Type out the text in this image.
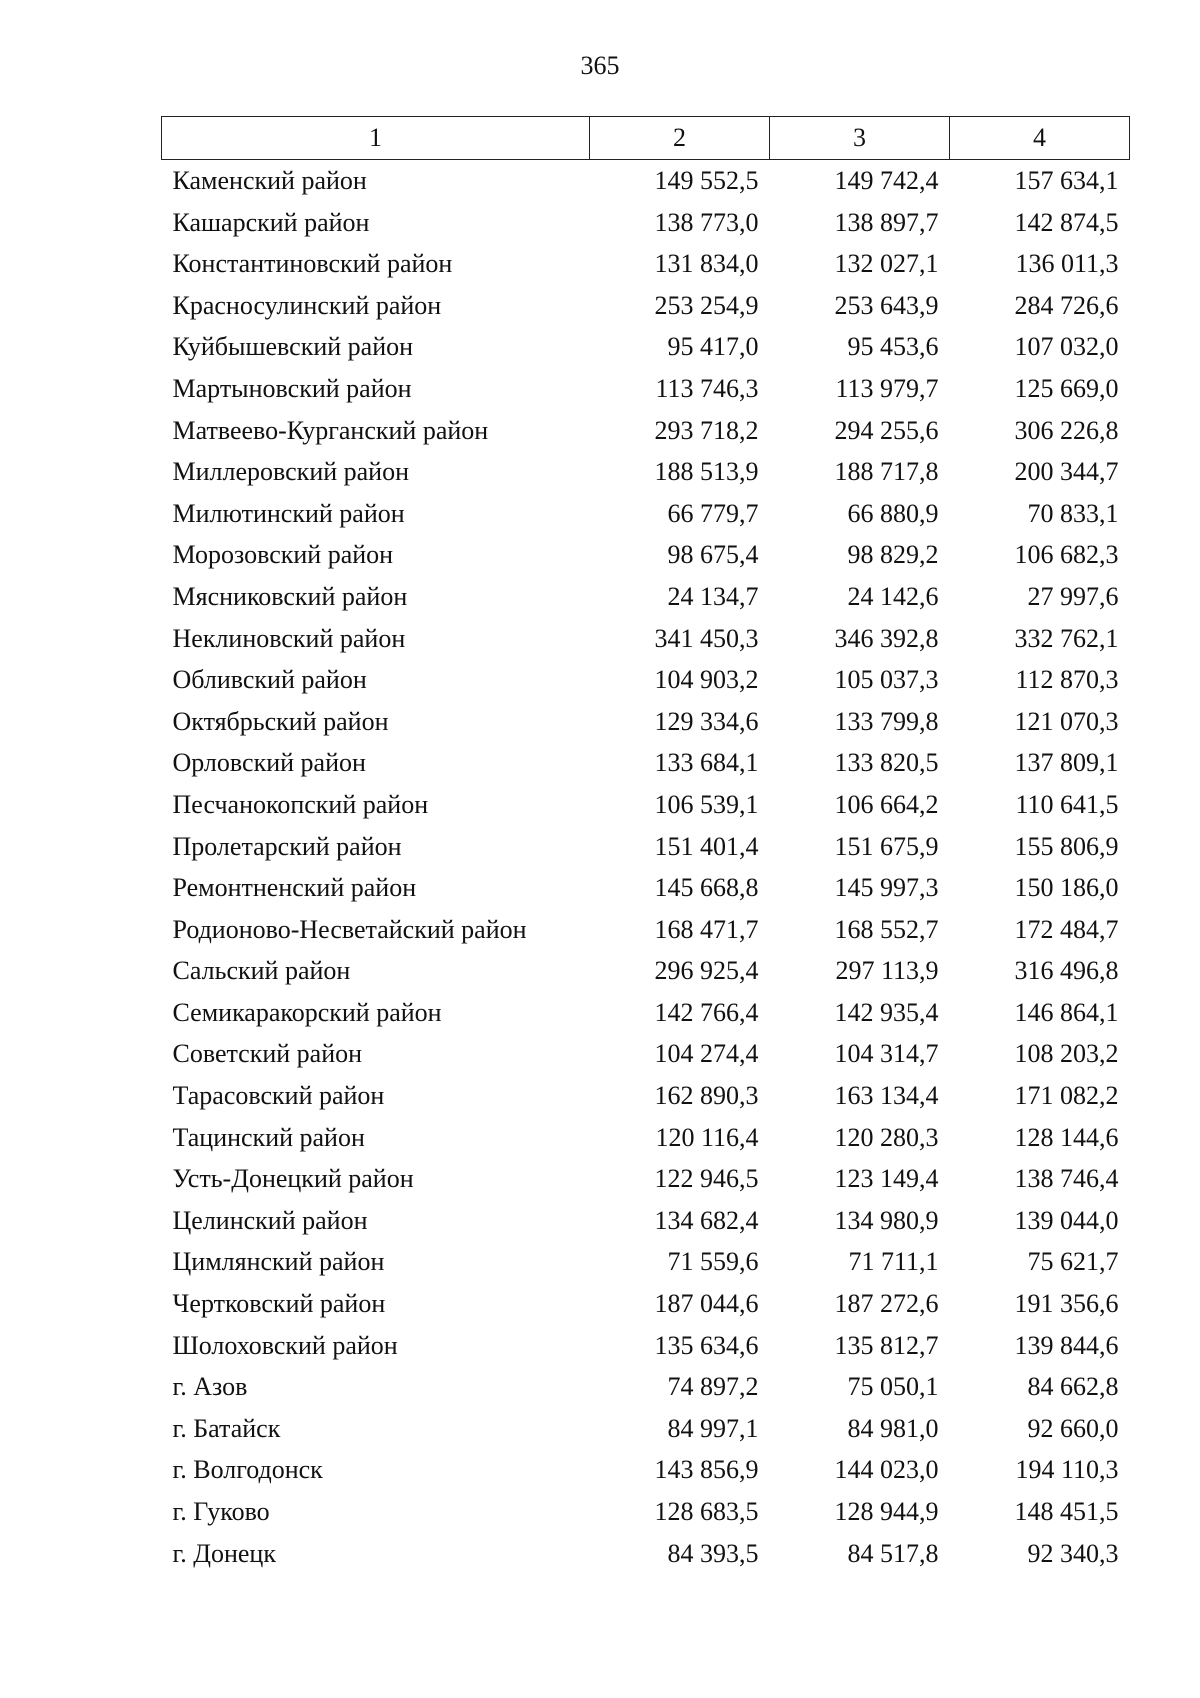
365
1	2	3	4
Каменский район	149 552,5	149 742,4	157 634,1
Кашарский район	138 773,0	138 897,7	142 874,5
Константиновский район	131 834,0	132 027,1	136 011,3
Красносулинский район	253 254,9	253 643,9	284 726,6
Куйбышевский район	95 417,0	95 453,6	107 032,0
Мартыновский район	113 746,3	113 979,7	125 669,0
Матвеево-Курганский район	293 718,2	294 255,6	306 226,8
Миллеровский район	188 513,9	188 717,8	200 344,7
Милютинский район	66 779,7	66 880,9	70 833,1
Морозовский район	98 675,4	98 829,2	106 682,3
Мясниковский район	24 134,7	24 142,6	27 997,6
Неклиновский район	341 450,3	346 392,8	332 762,1
Обливский район	104 903,2	105 037,3	112 870,3
Октябрьский район	129 334,6	133 799,8	121 070,3
Орловский район	133 684,1	133 820,5	137 809,1
Песчанокопский район	106 539,1	106 664,2	110 641,5
Пролетарский район	151 401,4	151 675,9	155 806,9
Ремонтненский район	145 668,8	145 997,3	150 186,0
Родионово-Несветайский район	168 471,7	168 552,7	172 484,7
Сальский район	296 925,4	297 113,9	316 496,8
Семикаракорский район	142 766,4	142 935,4	146 864,1
Советский район	104 274,4	104 314,7	108 203,2
Тарасовский район	162 890,3	163 134,4	171 082,2
Тацинский район	120 116,4	120 280,3	128 144,6
Усть-Донецкий район	122 946,5	123 149,4	138 746,4
Целинский район	134 682,4	134 980,9	139 044,0
Цимлянский район	71 559,6	71 711,1	75 621,7
Чертковский район	187 044,6	187 272,6	191 356,6
Шолоховский район	135 634,6	135 812,7	139 844,6
г. Азов	74 897,2	75 050,1	84 662,8
г. Батайск	84 997,1	84 981,0	92 660,0
г. Волгодонск	143 856,9	144 023,0	194 110,3
г. Гуково	128 683,5	128 944,9	148 451,5
г. Донецк	84 393,5	84 517,8	92 340,3
